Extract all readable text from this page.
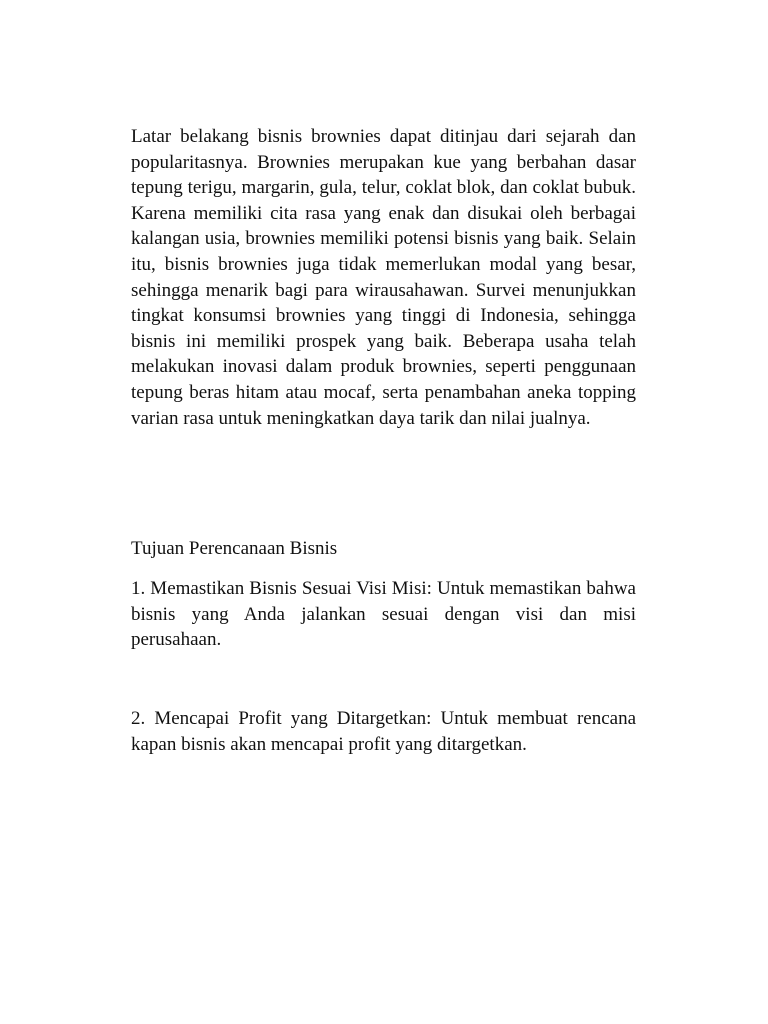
Latar belakang bisnis brownies dapat ditinjau dari sejarah dan popularitasnya. Brownies merupakan kue yang berbahan dasar tepung terigu, margarin, gula, telur, coklat blok, dan coklat bubuk. Karena memiliki cita rasa yang enak dan disukai oleh berbagai kalangan usia, brownies memiliki potensi bisnis yang baik. Selain itu, bisnis brownies juga tidak memerlukan modal yang besar, sehingga menarik bagi para wirausahawan. Survei menunjukkan tingkat konsumsi brownies yang tinggi di Indonesia, sehingga bisnis ini memiliki prospek yang baik. Beberapa usaha telah melakukan inovasi dalam produk brownies, seperti penggunaan tepung beras hitam atau mocaf, serta penambahan aneka topping varian rasa untuk meningkatkan daya tarik dan nilai jualnya.

Tujuan Perencanaan Bisnis

1. Memastikan Bisnis Sesuai Visi Misi: Untuk memastikan bahwa bisnis yang Anda jalankan sesuai dengan visi dan misi perusahaan.

2. Mencapai Profit yang Ditargetkan: Untuk membuat rencana kapan bisnis akan mencapai profit yang ditargetkan.
